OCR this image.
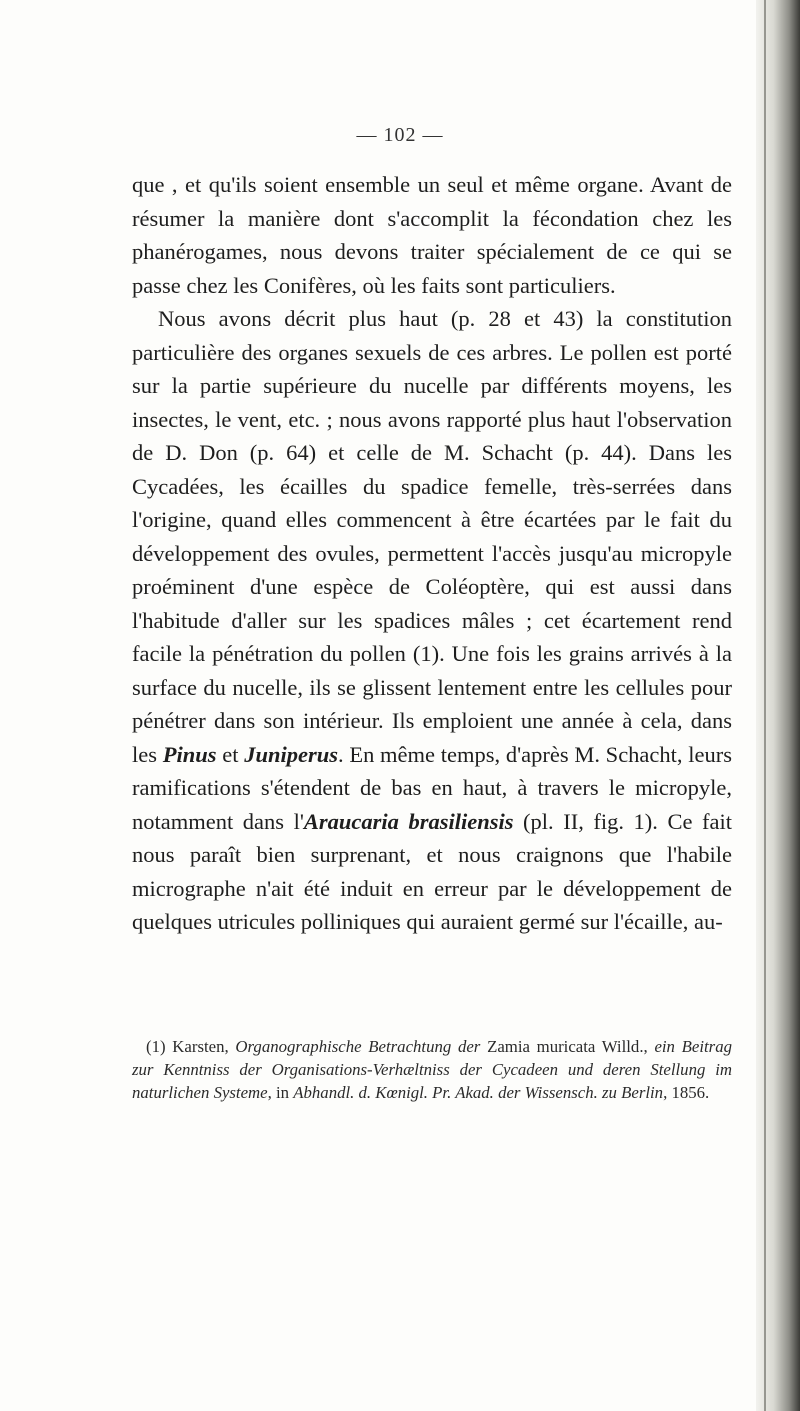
— 102 —

que , et qu'ils soient ensemble un seul et même organe. Avant de résumer la manière dont s'accomplit la fécondation chez les phanérogames, nous devons traiter spécialement de ce qui se passe chez les Conifères, où les faits sont particuliers.

Nous avons décrit plus haut (p. 28 et 43) la constitution particulière des organes sexuels de ces arbres. Le pollen est porté sur la partie supérieure du nucelle par différents moyens, les insectes, le vent, etc. ; nous avons rapporté plus haut l'observation de D. Don (p. 64) et celle de M. Schacht (p. 44). Dans les Cycadées, les écailles du spadice femelle, très-serrées dans l'origine, quand elles commencent à être écartées par le fait du développement des ovules, permettent l'accès jusqu'au micropyle proéminent d'une espèce de Coléoptère, qui est aussi dans l'habitude d'aller sur les spadices mâles ; cet écartement rend facile la pénétration du pollen (1). Une fois les grains arrivés à la surface du nucelle, ils se glissent lentement entre les cellules pour pénétrer dans son intérieur. Ils emploient une année à cela, dans les Pinus et Juniperus. En même temps, d'après M. Schacht, leurs ramifications s'étendent de bas en haut, à travers le micropyle, notamment dans l'Araucaria brasiliensis (pl. II, fig. 1). Ce fait nous paraît bien surprenant, et nous craignons que l'habile micrographe n'ait été induit en erreur par le développement de quelques utricules polliniques qui auraient germé sur l'écaille, au-

(1) Karsten, Organographische Betrachtung der Zamia muricata Willd., ein Beitrag zur Kenntniss der Organisations-Verhæltniss der Cycadeen und deren Stellung im naturlichen Systeme, in Abhandl. d. Kœnigl. Pr. Akad. der Wissensch. zu Berlin, 1856.
